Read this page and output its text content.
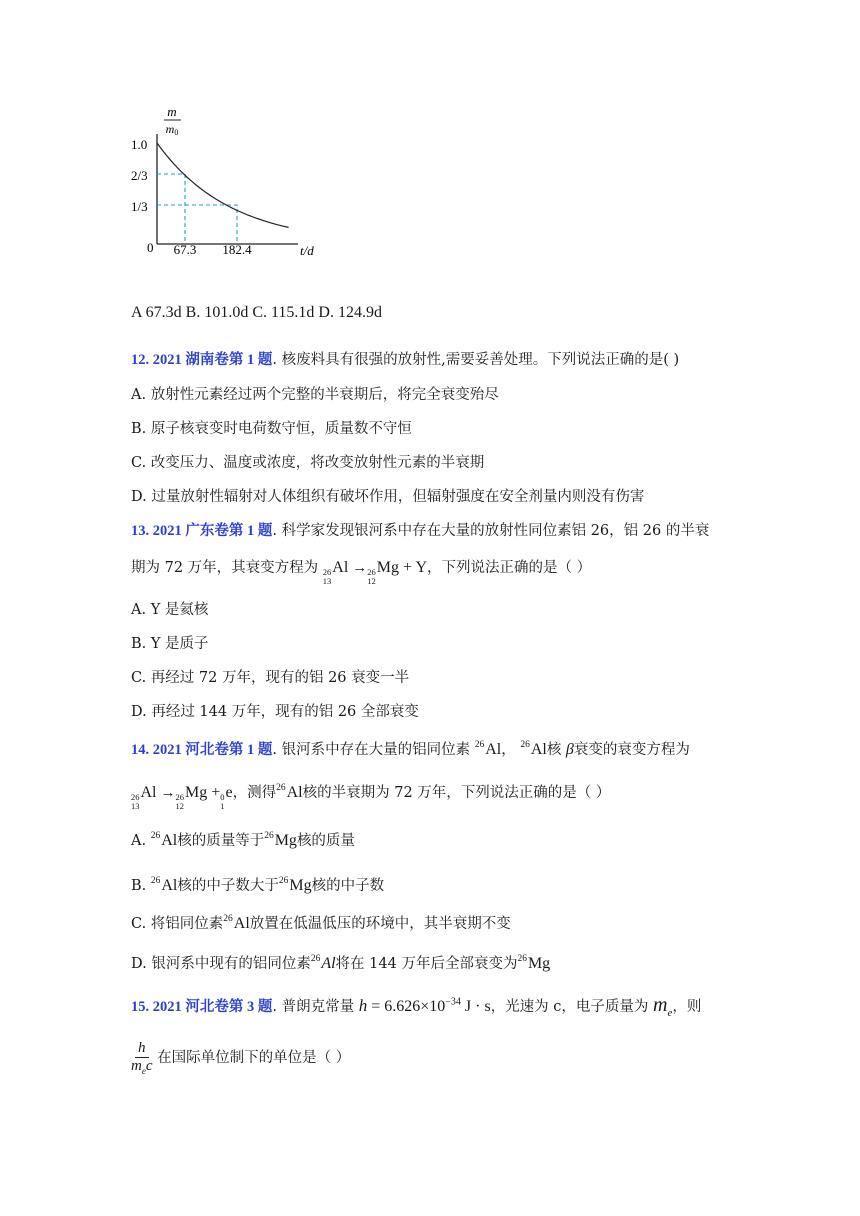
m
m0
1.0
2/3
1/3
0 67.3 182.4	t/d
A 67.3d B. 101.0d C. 115.1d D. 124.9d
12. 2021 湖南卷第 1 题. 核废料具有很强的放射性,需要妥善处理。下列说法正确的是( )
A. 放射性元素经过两个完整的半衰期后，将完全衰变殆尽
B. 原子核衰变时电荷数守恒，质量数不守恒
C. 改变压力、温度或浓度，将改变放射性元素的半衰期
D. 过量放射性辐射对人体组织有破坏作用，但辐射强度在安全剂量内则没有伤害
13. 2021 广东卷第 1 题. 科学家发现银河系中存在大量的放射性同位素铝 26，铝 26 的半衰
期为 72 万年，其衰变方程为 26
13
Al → 26
12
Mg + Y，下列说法正确的是（ ）
A. Y 是氦核
B. Y 是质子
C. 再经过 72 万年，现有的铝 26 衰变一半
D. 再经过 144 万年，现有的铝 26 全部衰变
14. 2021 河北卷第 1 题. 银河系中存在大量的铝同位素 $^{26}$Al， $^{26}$Al核 β衰变的衰变方程为
26
13
Al → 26
12
Mg + 0
1
e，测得$^{26}$Al核的半衰期为 72 万年，下列说法正确的是（ ）
A. $^{26}$Al核的质量等于$^{26}$Mg核的质量
B. $^{26}$Al核的中子数大于$^{26}$Mg核的中子数
C. 将铝同位素$^{26}$Al放置在低温低压的环境中，其半衰期不变
D. 银河系中现有的铝同位素$^{26}$Al将在 144 万年后全部衰变为$^{26}$Mg
15. 2021 河北卷第 3 题. 普朗克常量 $h = 6.626\times 10^{-34}$ J · s，光速为 c，电子质量为 $m_e$，则
$\frac{h}{m_ec}$ 在国际单位制下的单位是（ ）
